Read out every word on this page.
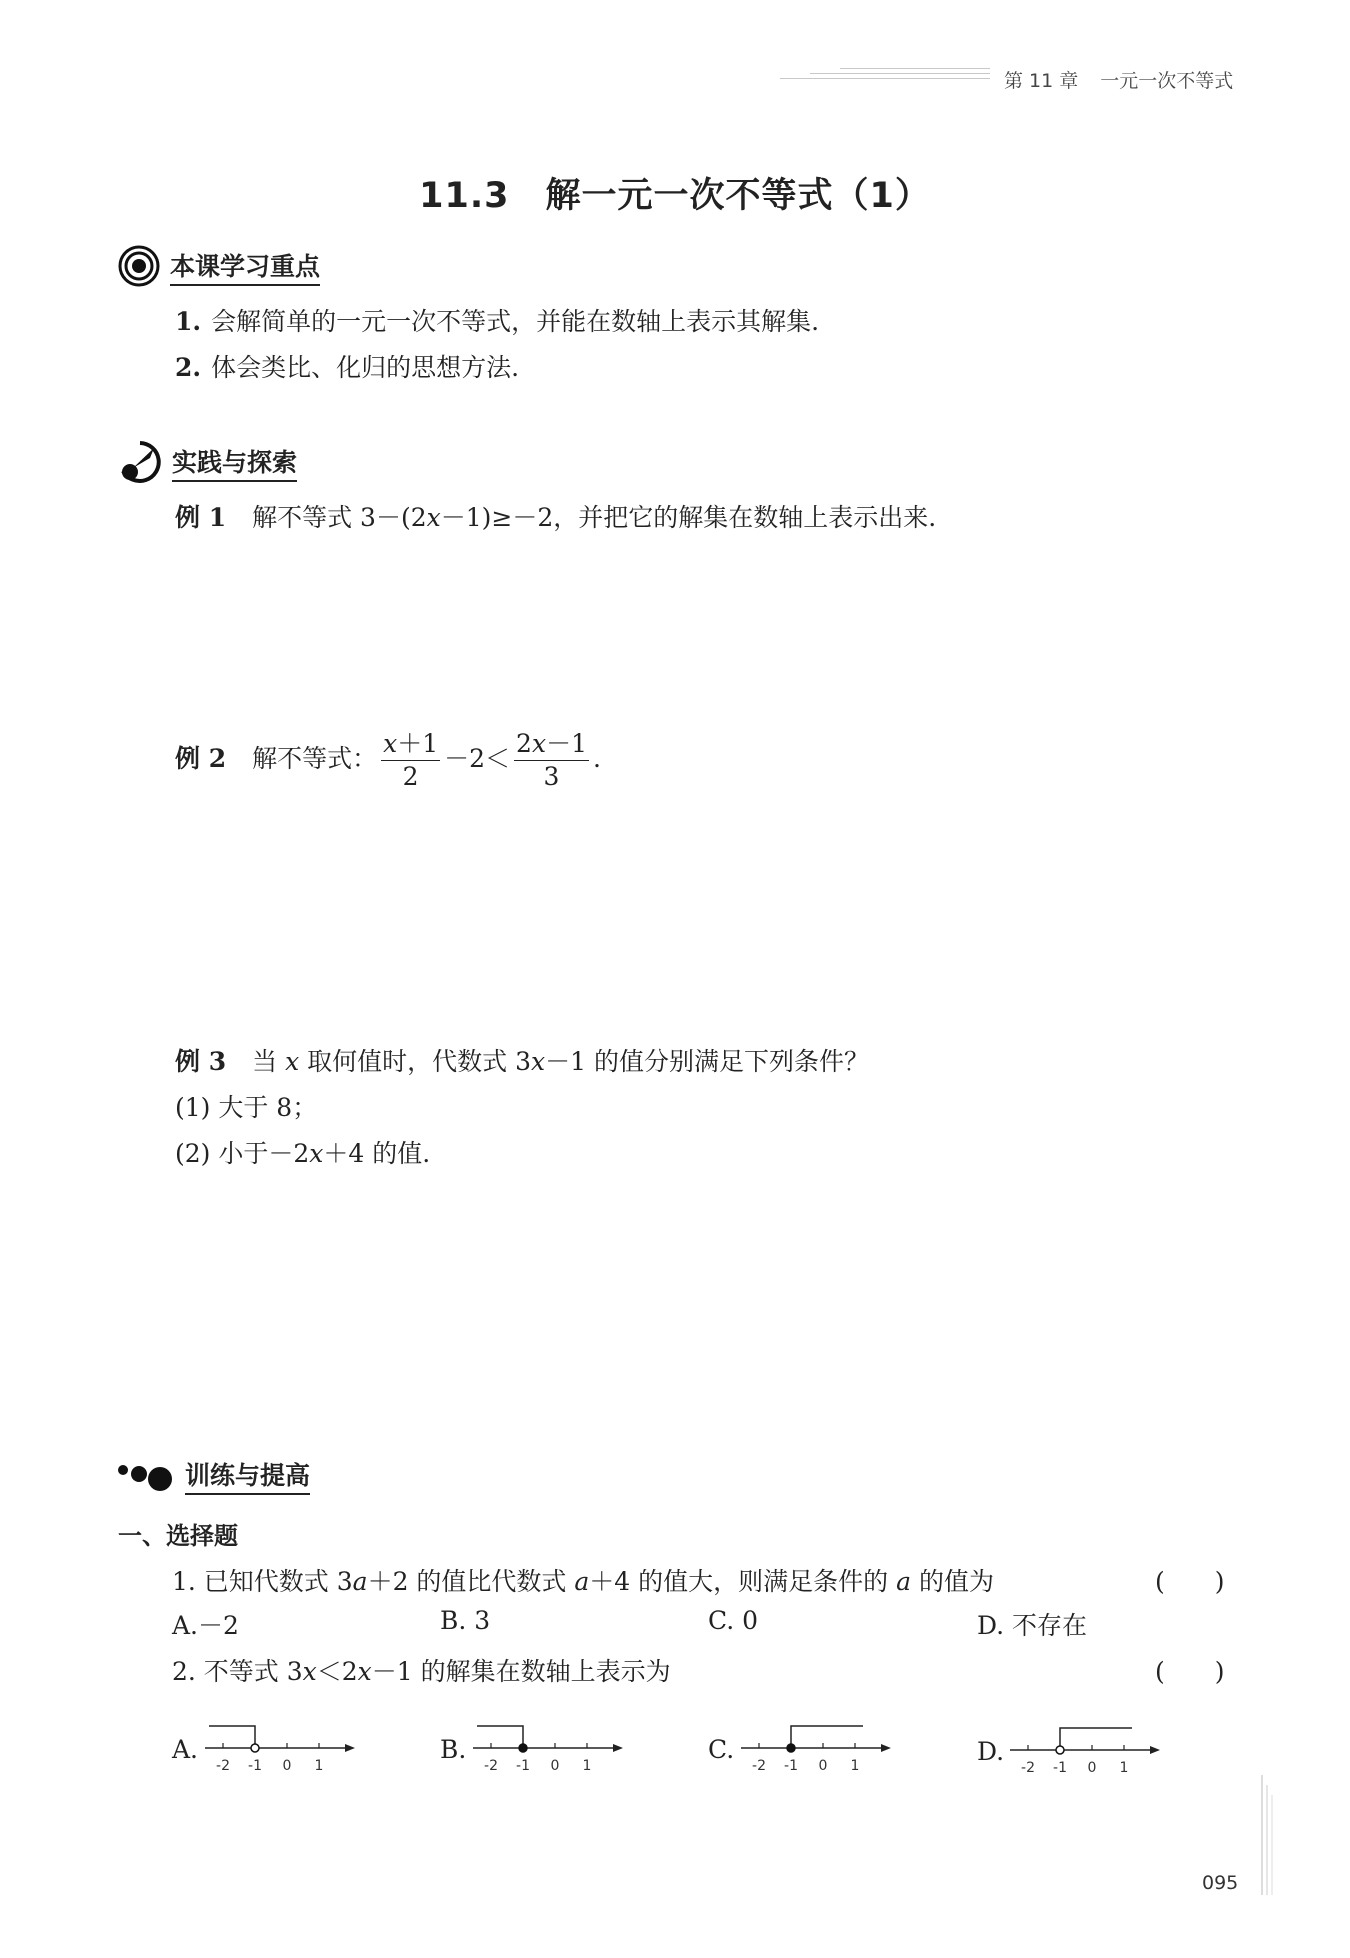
第 11 章 一元一次不等式
11.3 解一元一次不等式（1）
本课学习重点
1. 会解简单的一元一次不等式，并能在数轴上表示其解集.
2. 体会类比、化归的思想方法.
实践与探索
例 1 解不等式 3－(2x－1)≥－2，并把它的解集在数轴上表示出来.
例 2 解不等式： $\frac{x+1}{2} -2< \frac{2x-1}{3}$ .
例 3 当 x 取何值时，代数式 3x－1 的值分别满足下列条件？
(1) 大于 8；
(2) 小于－2x＋4 的值.
训练与提高
一、选择题
1. 已知代数式 3a＋2 的值比代数式 a＋4 的值大，则满足条件的 a 的值为	(　　)
A.－2	B. 3	C. 0	D. 不存在
2. 不等式 3x＜2x－1 的解集在数轴上表示为	(　　)
A.	B.	C.	D.
-2 -1 0 1	-2 -1 0 1	-2 -1 0 1	-2 -1 0 1
095
